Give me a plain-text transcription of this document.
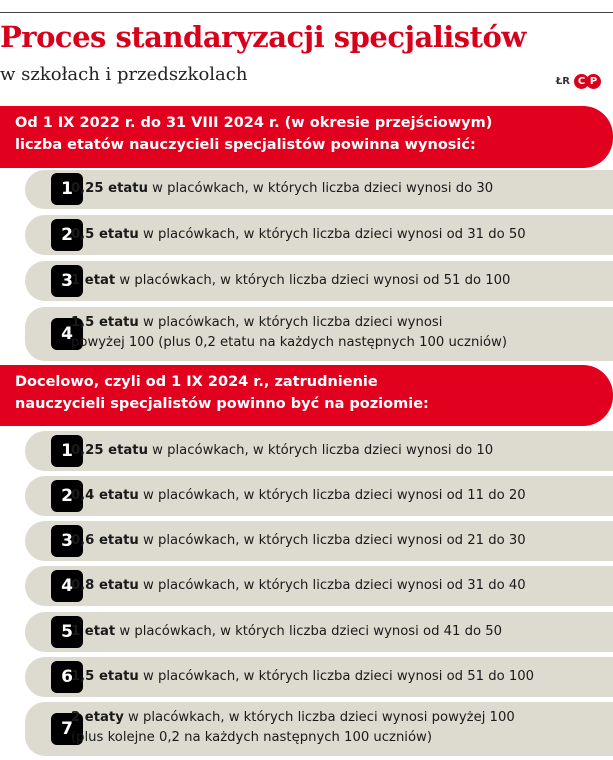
Proces standaryzacji specjalistów
w szkołach i przedszkolach	ŁR C P
Od 1 IX 2022 r. do 31 VIII 2024 r. (w okresie przejściowym)
liczba etatów nauczycieli specjalistów powinna wynosić:
1
0,25 etatu w placówkach, w których liczba dzieci wynosi do 30
2
0,5 etatu w placówkach, w których liczba dzieci wynosi od 31 do 50
3
1 etat w placówkach, w których liczba dzieci wynosi od 51 do 100
4
1,5 etatu w placówkach, w których liczba dzieci wynosi
powyżej 100 (plus 0,2 etatu na każdych następnych 100 uczniów)
Docelowo, czyli od 1 IX 2024 r., zatrudnienie
nauczycieli specjalistów powinno być na poziomie:
1
0,25 etatu w placówkach, w których liczba dzieci wynosi do 10
2
0,4 etatu w placówkach, w których liczba dzieci wynosi od 11 do 20
3
0,6 etatu w placówkach, w których liczba dzieci wynosi od 21 do 30
4
0,8 etatu w placówkach, w których liczba dzieci wynosi od 31 do 40
5
1 etat w placówkach, w których liczba dzieci wynosi od 41 do 50
6
1,5 etatu w placówkach, w których liczba dzieci wynosi od 51 do 100
7
2 etaty w placówkach, w których liczba dzieci wynosi powyżej 100
(plus kolejne 0,2 na każdych następnych 100 uczniów)
